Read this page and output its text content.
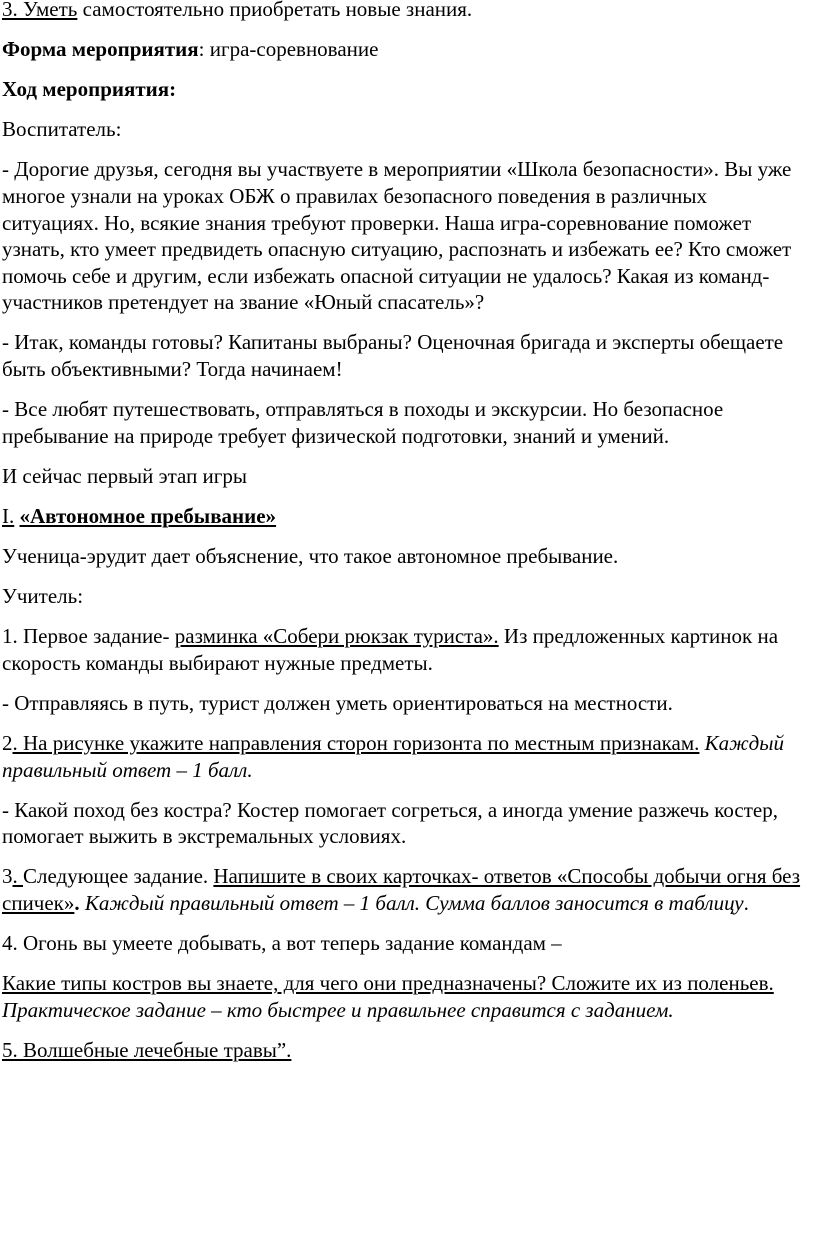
3. Уметь самостоятельно приобретать новые знания.

Форма мероприятия: игра-соревнование

Ход мероприятия:

Воспитатель:

- Дорогие друзья, сегодня вы участвуете в мероприятии «Школа безопасности». Вы уже многое узнали на уроках ОБЖ о правилах безопасного поведения в различных ситуациях. Но, всякие знания требуют проверки. Наша игра-соревнование поможет узнать, кто умеет предвидеть опасную ситуацию, распознать и избежать ее? Кто сможет помочь себе и другим, если избежать опасной ситуации не удалось? Какая из команд-участников претендует на звание «Юный спасатель»?

- Итак, команды готовы? Капитаны выбраны? Оценочная бригада и эксперты обещаете быть объективными? Тогда начинаем!

- Все любят путешествовать, отправляться в походы и экскурсии. Но безопасное пребывание на природе требует физической подготовки, знаний и умений.

И сейчас первый этап игры

I. «Автономное пребывание»

Ученица-эрудит дает объяснение, что такое автономное пребывание.

Учитель:

1. Первое задание- разминка «Собери рюкзак туриста». Из предложенных картинок на скорость команды выбирают нужные предметы.

- Отправляясь в путь, турист должен уметь ориентироваться на местности.

2. На рисунке укажите направления сторон горизонта по местным признакам. Каждый правильный ответ – 1 балл.

- Какой поход без костра? Костер помогает согреться, а иногда умение разжечь костер, помогает выжить в экстремальных условиях.

3. Следующее задание. Напишите в своих карточках- ответов «Способы добычи огня без спичек». Каждый правильный ответ – 1 балл. Сумма баллов заносится в таблицу.

4. Огонь вы умеете добывать, а вот теперь задание командам –

Какие типы костров вы знаете, для чего они предназначены? Сложите их из поленьев. Практическое задание – кто быстрее и правильнее справится с заданием.

5. Волшебные лечебные травы”.
